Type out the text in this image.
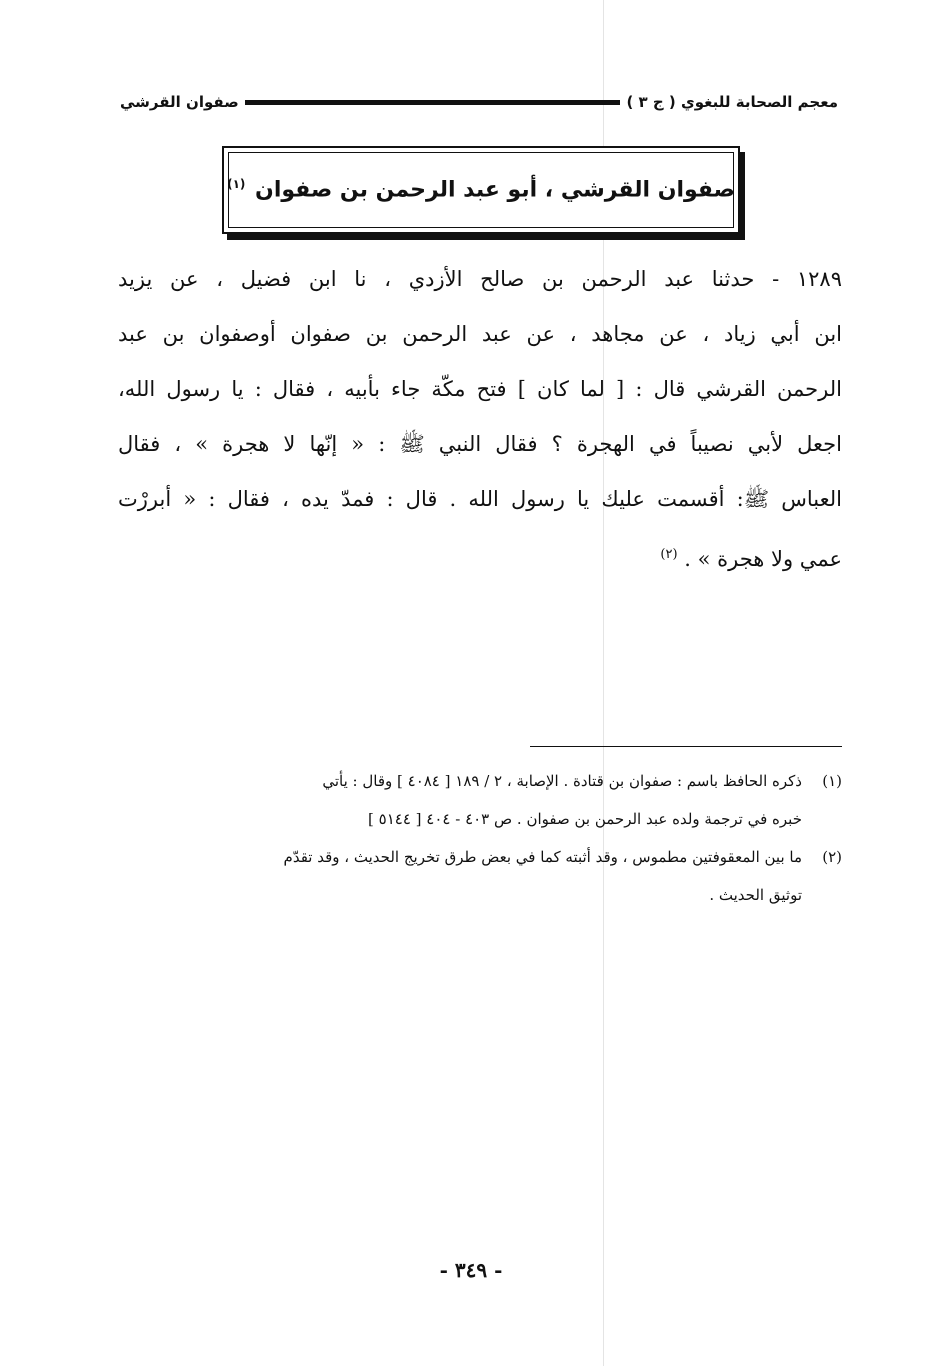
معجم الصحابة للبغوي ( ج ٣ )
صفوان القرشي
صفوان القرشي ، أبو عبد الرحمن بن صفوان $^{(١)}$
١٢٨٩ - حدثنا عبد الرحمن بن صالح الأزدي ، نا ابن فضيل ، عن يزيد
ابن أبي زياد ، عن مجاهد ، عن عبد الرحمن بن صفوان أوصفوان بن عبد
الرحمن القرشي قال : [ لما كان ] فتح مكّة جاء بأبيه ، فقال : يا رسول الله،
اجعل لأبي نصيباً في الهجرة ؟ فقال النبي ﷺ : « إنّها لا هجرة » ، فقال
العباس ﷺ: أقسمت عليك يا رسول الله . قال : فمدّ يده ، فقال : « أبررْت
عمي ولا هجرة » . $^{(٢)}$
(١)
ذكره الحافظ باسم : صفوان بن قتادة . الإصابة ، ٢ / ١٨٩ [ ٤٠٨٤ ] وقال : يأتي
خبره في ترجمة ولده عبد الرحمن بن صفوان . ص ٤٠٣ - ٤٠٤ [ ٥١٤٤ ]
(٢)
ما بين المعقوفتين مطموس ، وقد أثبته كما في بعض طرق تخريج الحديث ، وقد تقدّم
توثيق الحديث .
- ٣٤٩ -
